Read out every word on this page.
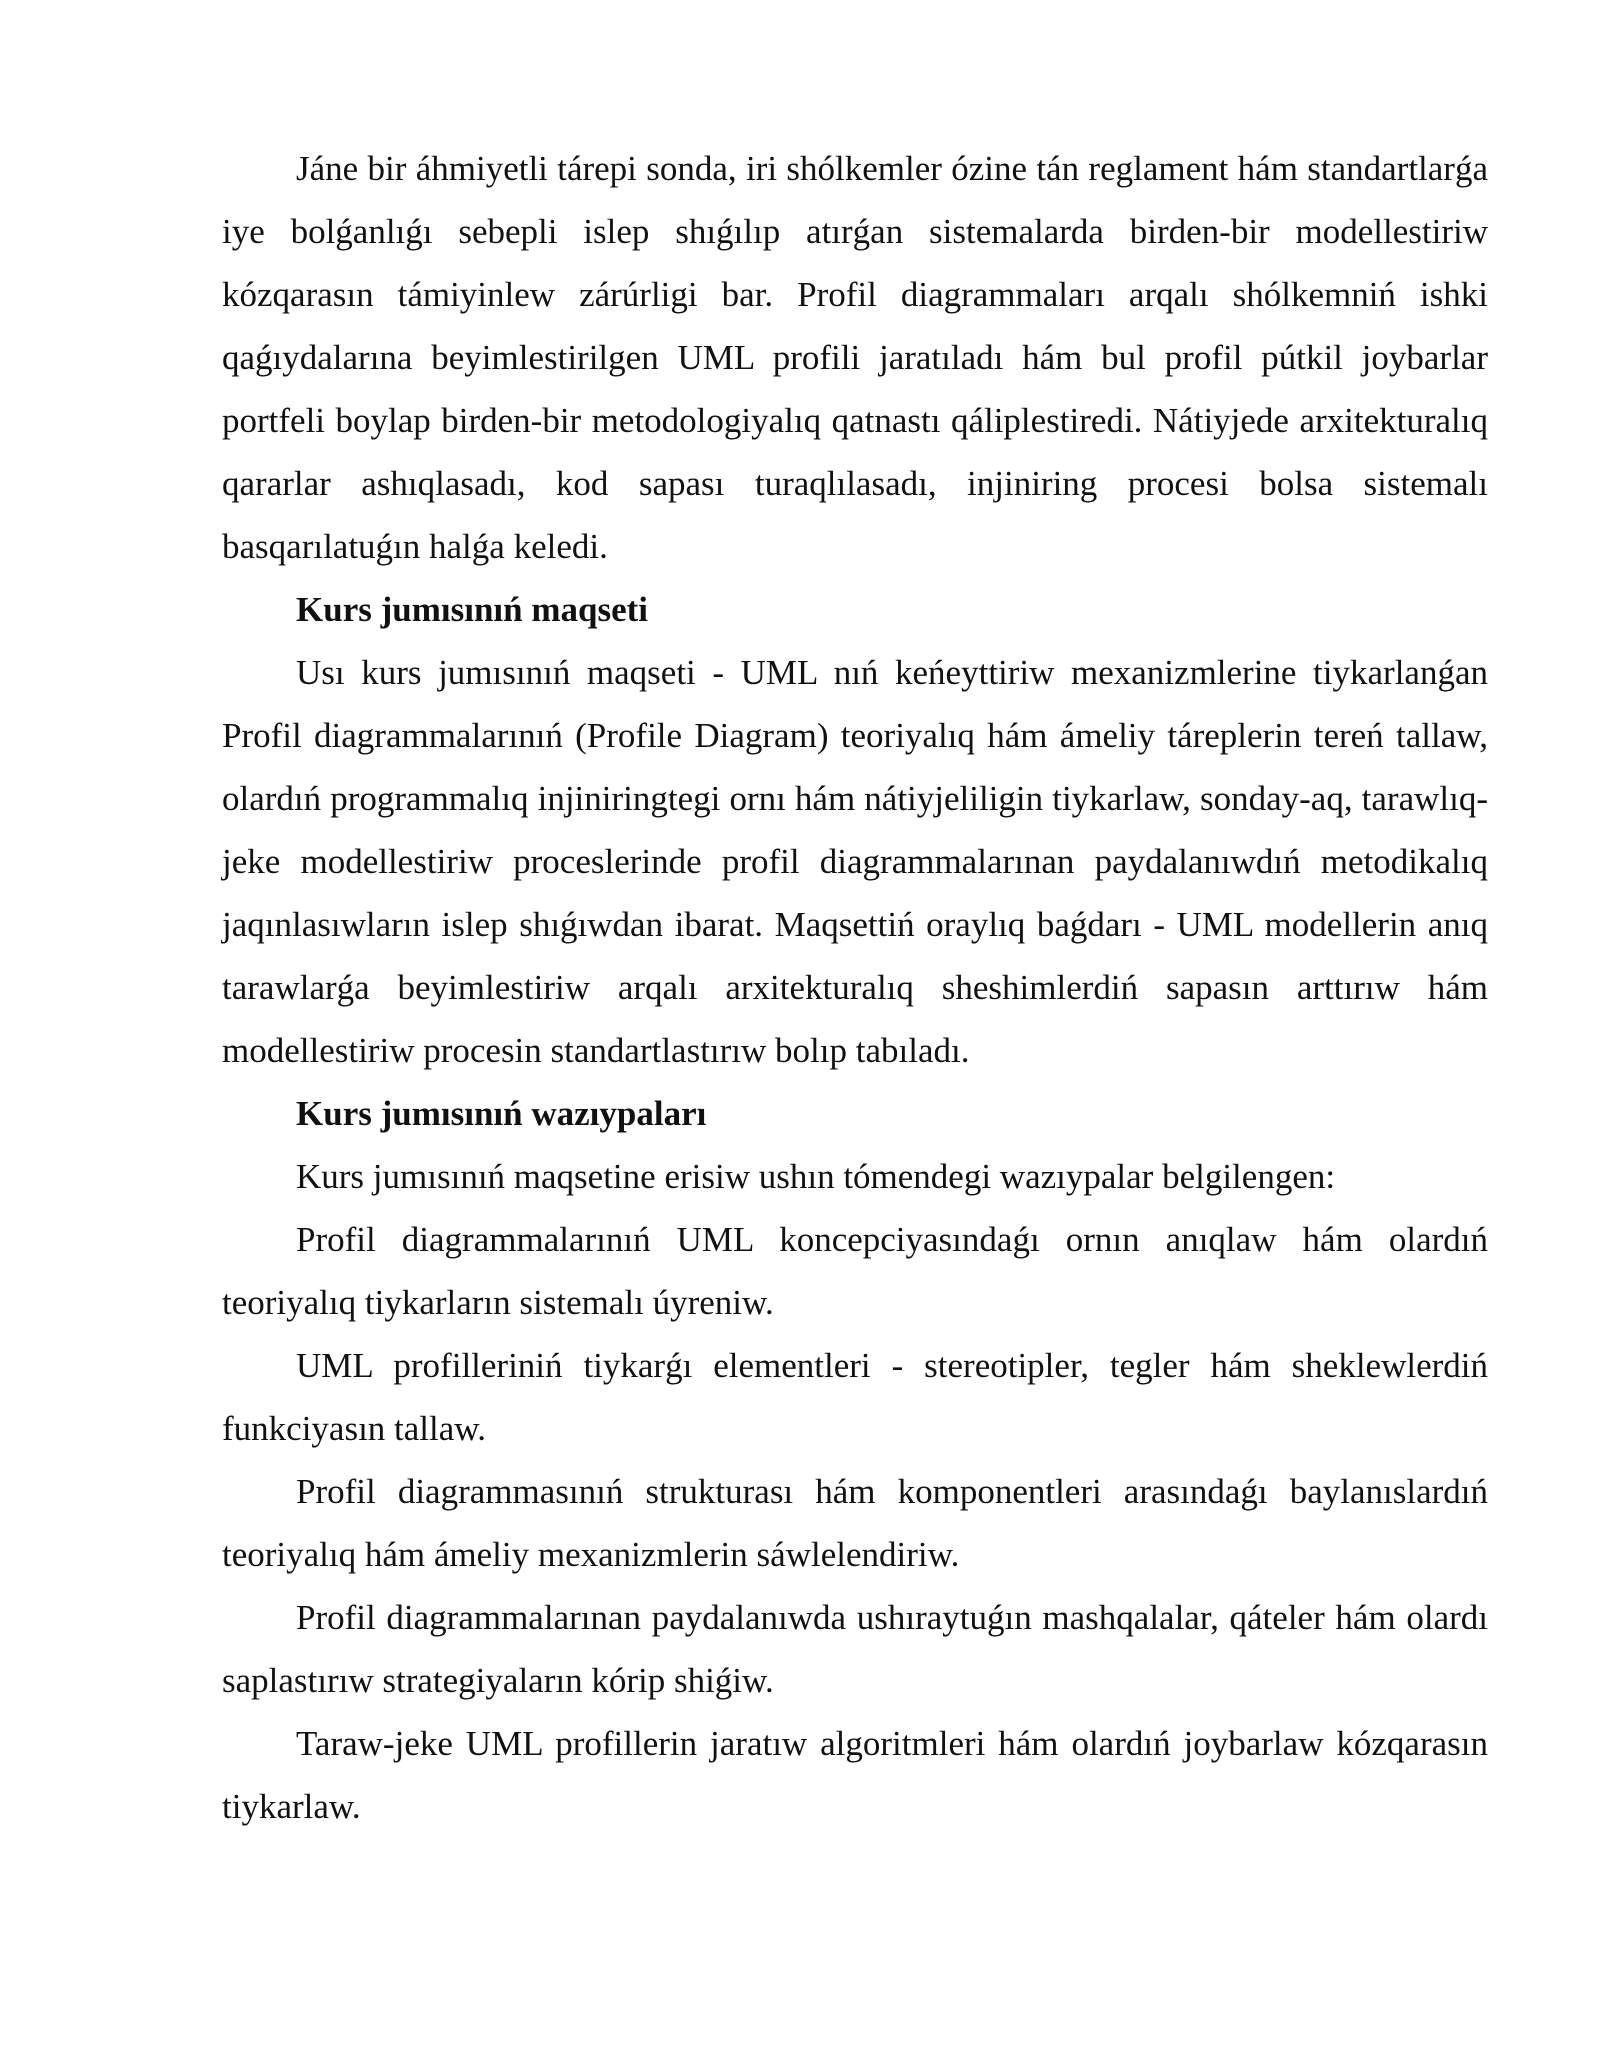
Jáne bir áhmiyetli tárepi sonda, iri shólkemler ózine tán reglament hám standartlarǵa iye bolǵanlıǵı sebepli islep shıǵılıp atırǵan sistemalarda birden-bir modellestiriw kózqarasın támiyinlew zárúrligi bar. Profil diagrammaları arqalı shólkemniń ishki qaǵıydalarına beyimlestirilgen UML profili jaratıladı hám bul profil pútkil joybarlar portfeli boylap birden-bir metodologiyalıq qatnastı qáliplestiredi. Nátiyjede arxitekturalıq qararlar ashıqlasadı, kod sapası turaqlılasadı, injiniring procesi bolsa sistemalı basqarılatuǵın halǵa keledi.

Kurs jumısınıń maqseti

Usı kurs jumısınıń maqseti - UML nıń keńeyttiriw mexanizmlerine tiykarlanǵan Profil diagrammalarınıń (Profile Diagram) teoriyalıq hám ámeliy táreplerin tereń tallaw, olardıń programmalıq injiniringtegi ornı hám nátiyjeliligin tiykarlaw, sonday-aq, tarawlıq-jeke modellestiriw proceslerinde profil diagrammalarınan paydalanıwdıń metodikalıq jaqınlasıwların islep shıǵıwdan ibarat. Maqsettiń oraylıq baǵdarı - UML modellerin anıq tarawlarǵa beyimlestiriw arqalı arxitekturalıq sheshimlerdiń sapasın arttırıw hám modellestiriw procesin standartlastırıw bolıp tabıladı.

Kurs jumısınıń wazıypaları

Kurs jumısınıń maqsetine erisiw ushın tómendegi wazıypalar belgilengen:

Profil diagrammalarınıń UML koncepciyasındaǵı ornın anıqlaw hám olardıń teoriyalıq tiykarların sistemalı úyreniw.

UML profilleriniń tiykarǵı elementleri - stereotipler, tegler hám sheklewlerdiń funkciyasın tallaw.

Profil diagrammasınıń strukturası hám komponentleri arasındaǵı baylanıslardıń teoriyalıq hám ámeliy mexanizmlerin sáwlelendiriw.

Profil diagrammalarınan paydalanıwda ushıraytuǵın mashqalalar, qáteler hám olardı saplastırıw strategiyaların kórip shiǵiw.

Taraw-jeke UML profillerin jaratıw algoritmleri hám olardıń joybarlaw kózqarasın tiykarlaw.
